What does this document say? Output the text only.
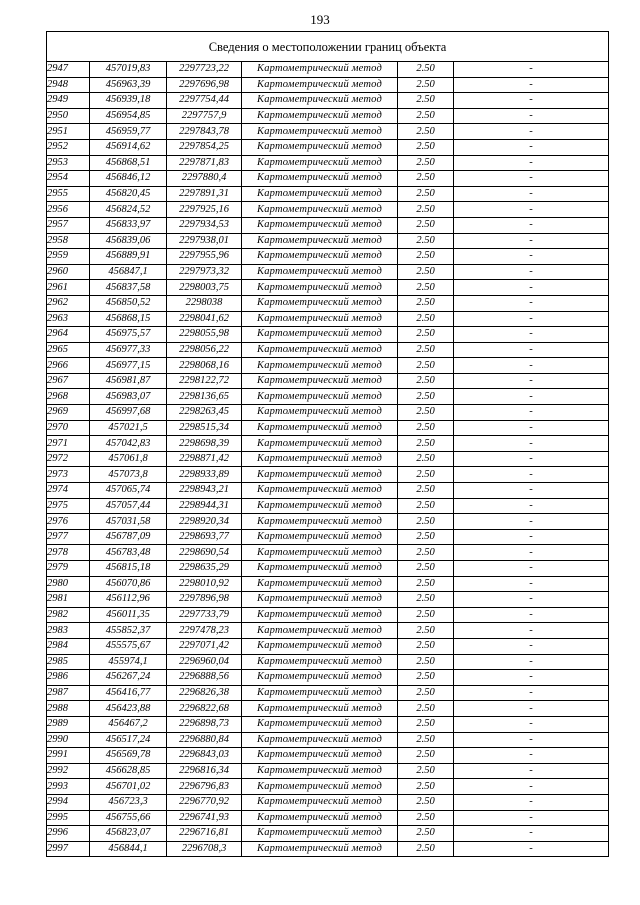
193
Сведения о местоположении границ объекта					
2947	457019,83	2297723,22	Картометрический метод	2.50	-
2948	456963,39	2297696,98	Картометрический метод	2.50	-
2949	456939,18	2297754,44	Картометрический метод	2.50	-
2950	456954,85	2297757,9	Картометрический метод	2.50	-
2951	456959,77	2297843,78	Картометрический метод	2.50	-
2952	456914,62	2297854,25	Картометрический метод	2.50	-
2953	456868,51	2297871,83	Картометрический метод	2.50	-
2954	456846,12	2297880,4	Картометрический метод	2.50	-
2955	456820,45	2297891,31	Картометрический метод	2.50	-
2956	456824,52	2297925,16	Картометрический метод	2.50	-
2957	456833,97	2297934,53	Картометрический метод	2.50	-
2958	456839,06	2297938,01	Картометрический метод	2.50	-
2959	456889,91	2297955,96	Картометрический метод	2.50	-
2960	456847,1	2297973,32	Картометрический метод	2.50	-
2961	456837,58	2298003,75	Картометрический метод	2.50	-
2962	456850,52	2298038	Картометрический метод	2.50	-
2963	456868,15	2298041,62	Картометрический метод	2.50	-
2964	456975,57	2298055,98	Картометрический метод	2.50	-
2965	456977,33	2298056,22	Картометрический метод	2.50	-
2966	456977,15	2298068,16	Картометрический метод	2.50	-
2967	456981,87	2298122,72	Картометрический метод	2.50	-
2968	456983,07	2298136,65	Картометрический метод	2.50	-
2969	456997,68	2298263,45	Картометрический метод	2.50	-
2970	457021,5	2298515,34	Картометрический метод	2.50	-
2971	457042,83	2298698,39	Картометрический метод	2.50	-
2972	457061,8	2298871,42	Картометрический метод	2.50	-
2973	457073,8	2298933,89	Картометрический метод	2.50	-
2974	457065,74	2298943,21	Картометрический метод	2.50	-
2975	457057,44	2298944,31	Картометрический метод	2.50	-
2976	457031,58	2298920,34	Картометрический метод	2.50	-
2977	456787,09	2298693,77	Картометрический метод	2.50	-
2978	456783,48	2298690,54	Картометрический метод	2.50	-
2979	456815,18	2298635,29	Картометрический метод	2.50	-
2980	456070,86	2298010,92	Картометрический метод	2.50	-
2981	456112,96	2297896,98	Картометрический метод	2.50	-
2982	456011,35	2297733,79	Картометрический метод	2.50	-
2983	455852,37	2297478,23	Картометрический метод	2.50	-
2984	455575,67	2297071,42	Картометрический метод	2.50	-
2985	455974,1	2296960,04	Картометрический метод	2.50	-
2986	456267,24	2296888,56	Картометрический метод	2.50	-
2987	456416,77	2296826,38	Картометрический метод	2.50	-
2988	456423,88	2296822,68	Картометрический метод	2.50	-
2989	456467,2	2296898,73	Картометрический метод	2.50	-
2990	456517,24	2296880,84	Картометрический метод	2.50	-
2991	456569,78	2296843,03	Картометрический метод	2.50	-
2992	456628,85	2296816,34	Картометрический метод	2.50	-
2993	456701,02	2296796,83	Картометрический метод	2.50	-
2994	456723,3	2296770,92	Картометрический метод	2.50	-
2995	456755,66	2296741,93	Картометрический метод	2.50	-
2996	456823,07	2296716,81	Картометрический метод	2.50	-
2997	456844,1	2296708,3	Картометрический метод	2.50	-
